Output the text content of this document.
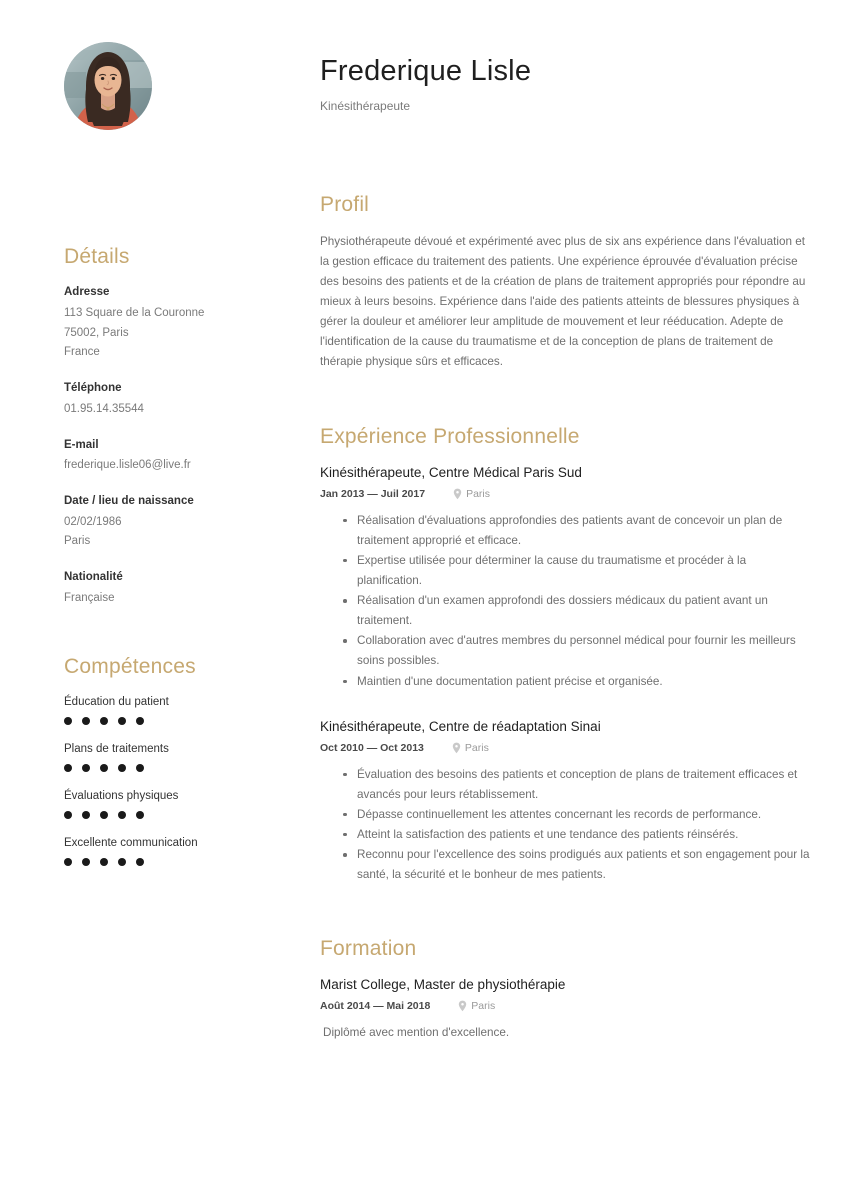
Détails
Adresse
113 Square de la Couronne
75002, Paris
France
Téléphone
01.95.14.35544
E-mail
frederique.lisle06@live.fr
Date / lieu de naissance
02/02/1986
Paris
Nationalité
Française
Compétences
Éducation du patient
Plans de traitements
Évaluations physiques
Excellente communication
Frederique Lisle
Kinésithérapeute
Profil

Physiothérapeute dévoué et expérimenté avec plus de six ans expérience dans l'évaluation et la gestion efficace du traitement des patients. Une expérience éprouvée d'évaluation précise des besoins des patients et de la création de plans de traitement appropriés pour répondre au mieux à leurs besoins. Expérience dans l'aide des patients atteints de blessures physiques à gérer la douleur et améliorer leur amplitude de mouvement et leur rééducation. Adepte de l'identification de la cause du traumatisme et de la conception de plans de traitement de thérapie physique sûrs et efficaces.

Expérience Professionnelle
Kinésithérapeute, Centre Médical Paris Sud
Jan 2013 — Juil 2017	Paris
Réalisation d'évaluations approfondies des patients avant de concevoir un plan de traitement approprié et efficace.
Expertise utilisée pour déterminer la cause du traumatisme et procéder à la planification.
Réalisation d'un examen approfondi des dossiers médicaux du patient avant un traitement.
Collaboration avec d'autres membres du personnel médical pour fournir les meilleurs soins possibles.
Maintien d'une documentation patient précise et organisée.
Kinésithérapeute, Centre de réadaptation Sinai
Oct 2010 — Oct 2013	Paris
Évaluation des besoins des patients et conception de plans de traitement efficaces et avancés pour leurs rétablissement.
Dépasse continuellement les attentes concernant les records de performance.
Atteint la satisfaction des patients et une tendance des patients réinsérés.
Reconnu pour l'excellence des soins prodigués aux patients et son engagement pour la santé, la sécurité et le bonheur de mes patients.
Formation
Marist College, Master de physiothérapie
Août 2014 — Mai 2018	Paris

Diplômé avec mention d'excellence.
